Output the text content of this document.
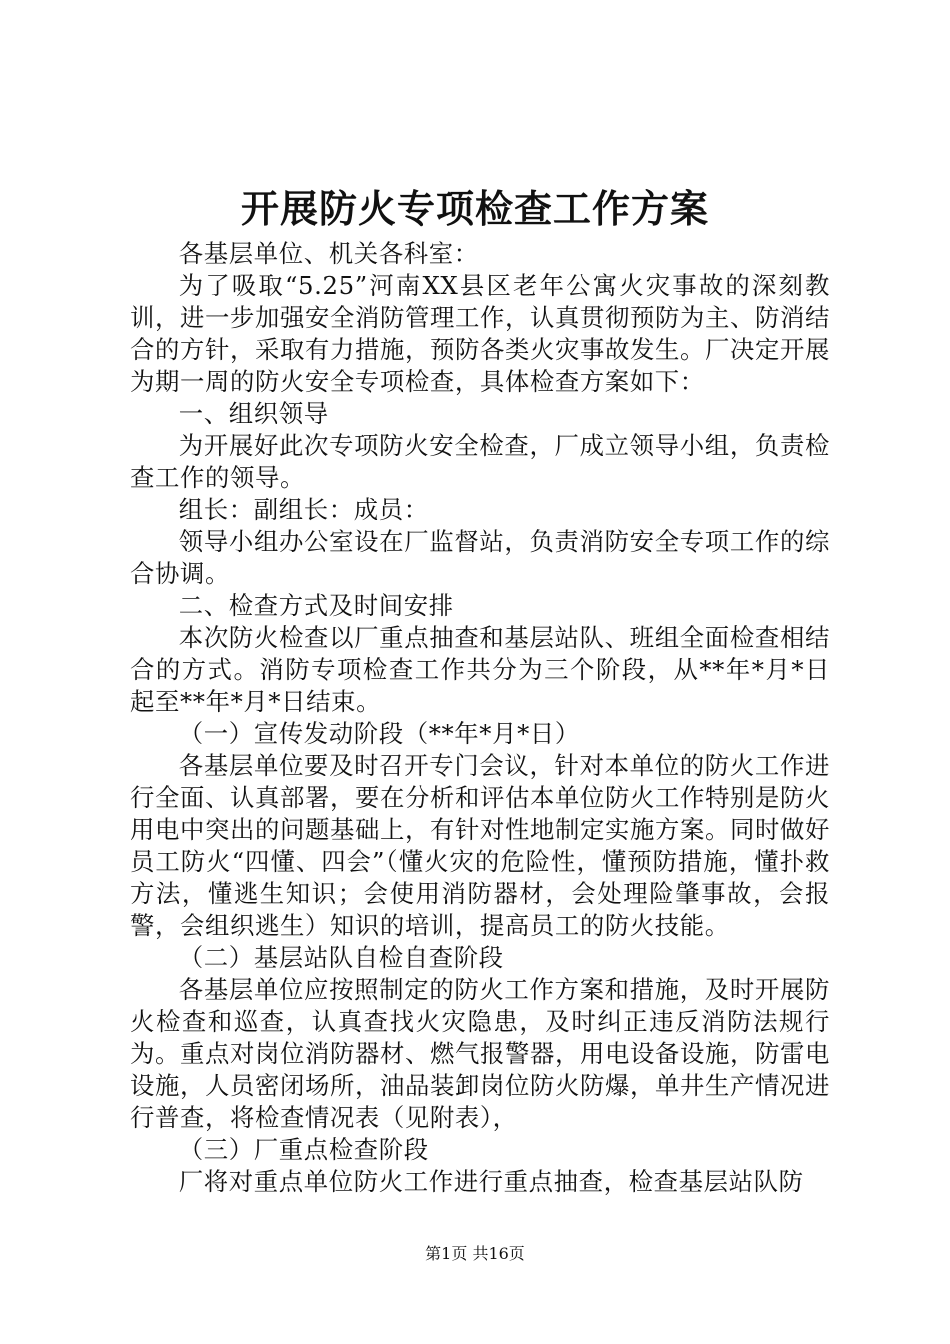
开展防火专项检查工作方案

各基层单位、机关各科室：

为了吸取“5.25”河南XX县区老年公寓火灾事故的深刻教训，进一步加强安全消防管理工作，认真贯彻预防为主、防消结合的方针，采取有力措施，预防各类火灾事故发生。厂决定开展为期一周的防火安全专项检查，具体检查方案如下：

一、组织领导

为开展好此次专项防火安全检查，厂成立领导小组，负责检查工作的领导。

组长：副组长：成员：

领导小组办公室设在厂监督站，负责消防安全专项工作的综合协调。

二、检查方式及时间安排

本次防火检查以厂重点抽查和基层站队、班组全面检查相结合的方式。消防专项检查工作共分为三个阶段，从**年*月*日起至**年*月*日结束。

（一）宣传发动阶段（**年*月*日）

各基层单位要及时召开专门会议，针对本单位的防火工作进行全面、认真部署，要在分析和评估本单位防火工作特别是防火用电中突出的问题基础上，有针对性地制定实施方案。同时做好员工防火“四懂、四会”（懂火灾的危险性，懂预防措施，懂扑救方法，懂逃生知识；会使用消防器材，会处理险肇事故，会报警，会组织逃生）知识的培训，提高员工的防火技能。

（二）基层站队自检自查阶段

各基层单位应按照制定的防火工作方案和措施，及时开展防火检查和巡查，认真查找火灾隐患，及时纠正违反消防法规行为。重点对岗位消防器材、燃气报警器，用电设备设施，防雷电设施，人员密闭场所，油品装卸岗位防火防爆，单井生产情况进行普查，将检查情况表（见附表），

（三）厂重点检查阶段

厂将对重点单位防火工作进行重点抽查，检查基层站队防

第1页 共16页
